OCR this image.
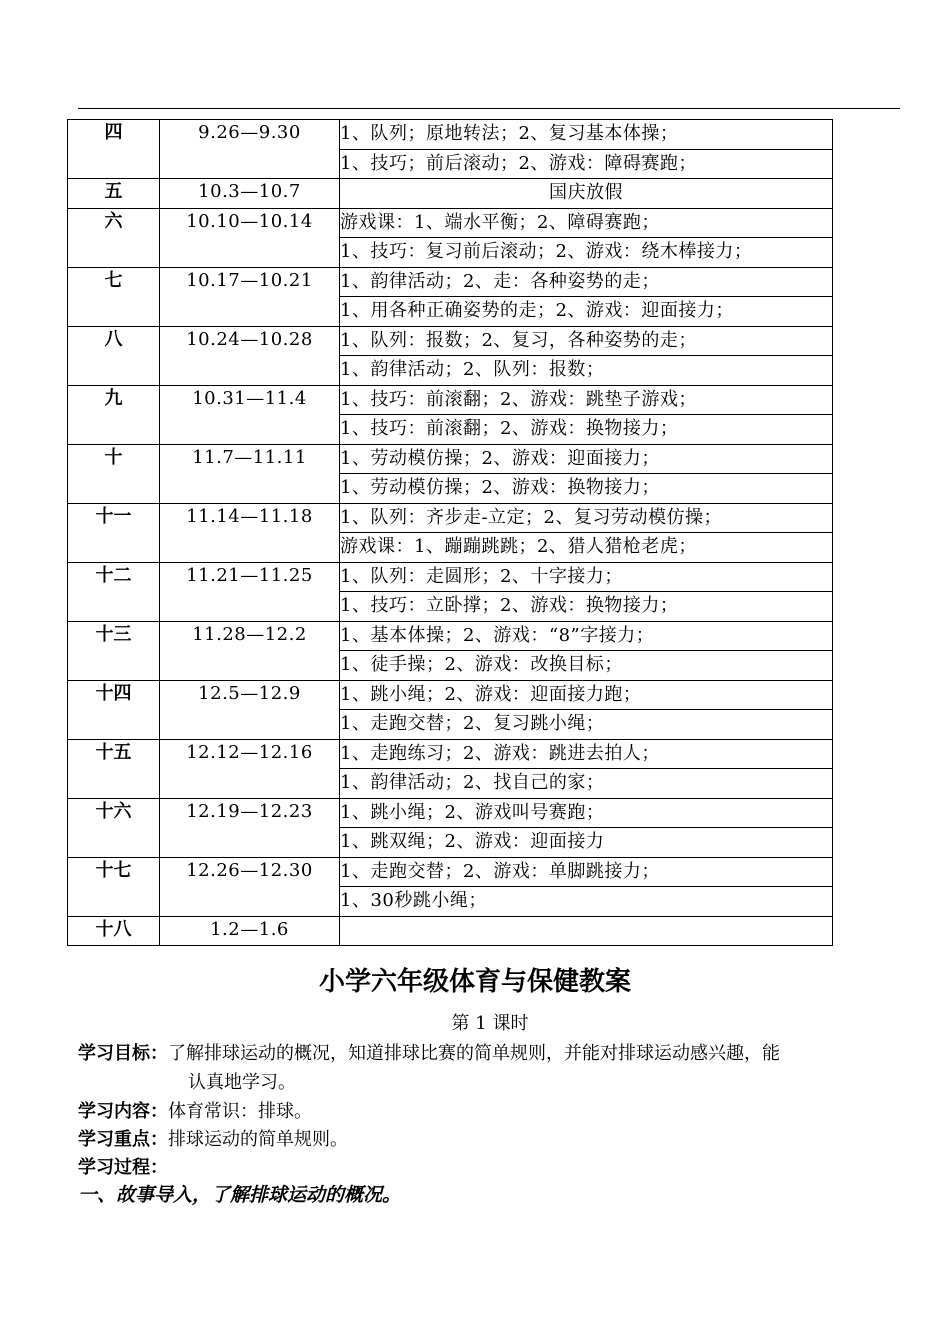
四	9.26—9.30	1、队列；原地转法；2、复习基本体操；
		1、技巧；前后滚动；2、游戏：障碍赛跑；
五	10.3—10.7	国庆放假
六	10.10—10.14	游戏课：1、端水平衡；2、障碍赛跑；
		1、技巧：复习前后滚动；2、游戏：绕木棒接力；
七	10.17—10.21	1、韵律活动；2、走：各种姿势的走；
		1、用各种正确姿势的走；2、游戏：迎面接力；
八	10.24—10.28	1、队列：报数；2、复习，各种姿势的走；
		1、韵律活动；2、队列：报数；
九	10.31—11.4	1、技巧：前滚翻；2、游戏：跳垫子游戏；
		1、技巧：前滚翻；2、游戏：换物接力；
十	11.7—11.11	1、劳动模仿操；2、游戏：迎面接力；
		1、劳动模仿操；2、游戏：换物接力；
十一	11.14—11.18	1、队列：齐步走-立定；2、复习劳动模仿操；
		游戏课：1、蹦蹦跳跳；2、猎人猎枪老虎；
十二	11.21—11.25	1、队列：走圆形；2、十字接力；
		1、技巧：立卧撑；2、游戏：换物接力；
十三	11.28—12.2	1、基本体操；2、游戏：“8”字接力；
		1、徒手操；2、游戏：改换目标；
十四	12.5—12.9	1、跳小绳；2、游戏：迎面接力跑；
		1、走跑交替；2、复习跳小绳；
十五	12.12—12.16	1、走跑练习；2、游戏：跳进去拍人；
		1、韵律活动；2、找自己的家；
十六	12.19—12.23	1、跳小绳；2、游戏叫号赛跑；
		1、跳双绳；2、游戏：迎面接力
十七	12.26—12.30	1、走跑交替；2、游戏：单脚跳接力；
		1、30秒跳小绳；
十八	1.2—1.6	
小学六年级体育与保健教案
第 1 课时
学习目标：了解排球运动的概况，知道排球比赛的简单规则，并能对排球运动感兴趣，能
认真地学习。
学习内容：体育常识：排球。
学习重点：排球运动的简单规则。
学习过程：
一、故事导入，了解排球运动的概况。
